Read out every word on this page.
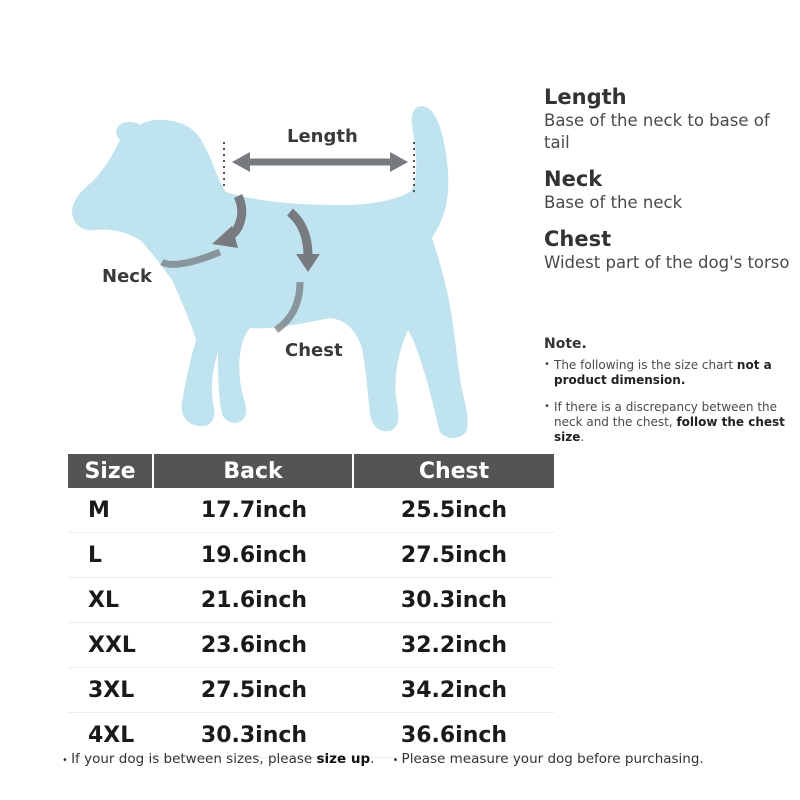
Length
Neck
Chest
Length
Base of the neck to base of tail
Neck
Base of the neck
Chest
Widest part of the dog's torso
Note.
• The following is the size chart not a product dimension.
• If there is a discrepancy between the neck and the chest, follow the chest size.
Size	Back	Chest
M	17.7inch	25.5inch
L	19.6inch	27.5inch
XL	21.6inch	30.3inch
XXL	23.6inch	32.2inch
3XL	27.5inch	34.2inch
4XL	30.3inch	36.6inch
• If your dog is between sizes, please size up.
•	Please measure your dog before purchasing.
